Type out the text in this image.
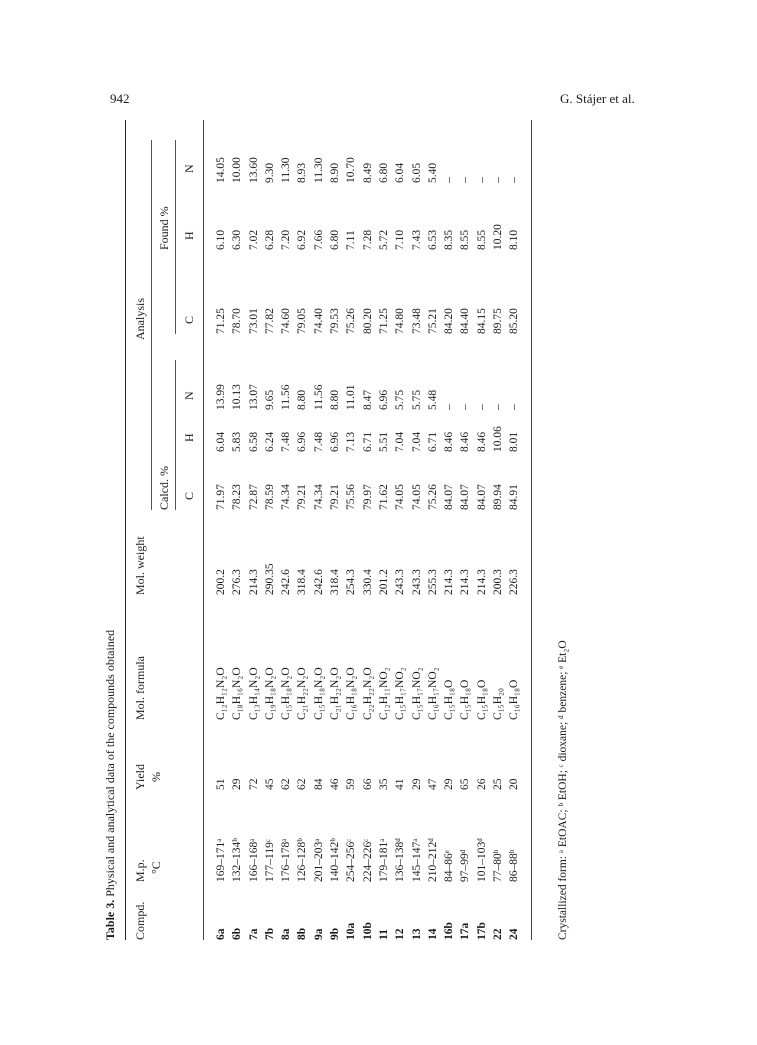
942	G. Stájer et al.
Table 3. Physical and analytical data of the compounds obtained
Compd.
M.p. °C
Yield %
Mol. formula
Mol. weight
Analysis
Calcd. %
Found %
C
H
N
C
H
N
6a
169–171ᵃ
51
C₁₂H₁₂N₂O
200.2
71.97
6.04
13.99
71.25
6.10
14.05
6b
132–134ᵇ
29
C₁₈H₁₆N₂O
276.3
78.23
5.83
10.13
78.70
6.30
10.00
7a
166–168ᵃ
72
C₁₃H₁₄N₂O
214.3
72.87
6.58
13.07
73.01
7.02
13.60
7b
177–119ᶜ
45
C₁₉H₁₈N₂O
290.35
78.59
6.24
9.65
77.82
6.28
9.30
8a
176–178ᵃ
62
C₁₅H₁₈N₂O
242.6
74.34
7.48
11.56
74.60
7.20
11.30
8b
126–128ᵇ
62
C₂₁H₂₂N₂O
318.4
79.21
6.96
8.80
79.05
6.92
8.93
9a
201–203ᵃ
84
C₁₅H₁₈N₂O
242.6
74.34
7.48
11.56
74.40
7.66
11.30
9b
140–142ᵇ
46
C₂₁H₂₂N₂O
318.4
79.21
6.96
8.80
79.53
6.80
8.90
10a
254–256ᶜ
59
C₁₆H₁₈N₂O
254.3
75.56
7.13
11.01
75.26
7.11
10.70
10b
224–226ᶜ
66
C₂₂H₂₂N₂O
330.4
79.97
6.71
8.47
80.20
7.28
8.49
11
179–181ᵃ
35
C₁₂H₁₁NO₂
201.2
71.62
5.51
6.96
71.25
5.72
6.80
12
136–138ᵈ
41
C₁₅H₁₇NO₂
243.3
74.05
7.04
5.75
74.80
7.10
6.04
13
145–147ᵃ
29
C₁₅H₁₇NO₂
243.3
74.05
7.04
5.75
73.48
7.43
6.05
14
210–212ᵈ
47
C₁₆H₁₇NO₂
255.3
75.26
6.71
5.48
75.21
6.53
5.40
16b
84–86ᵉ
29
C₁₅H₁₈O
214.3
84.07
8.46
–
84.20
8.35
–
17a
97–99ᵈ
65
C₁₅H₁₈O
214.3
84.07
8.46
–
84.40
8.55
–
17b
101–103ᵈ
26
C₁₅H₁₈O
214.3
84.07
8.46
–
84.15
8.55
–
22
77–80ᵇ
25
C₁₅H₂₀
200.3
89.94
10.06
–
89.75
10.20
–
24
86–88ᵇ
20
C₁₆H₁₈O
226.3
84.91
8.01
–
85.20
8.10
–
Crystallized form: ᵃ EtOAC; ᵇ EtOH; ᶜ dioxane; ᵈ benzene; ᵉ Et₂O
